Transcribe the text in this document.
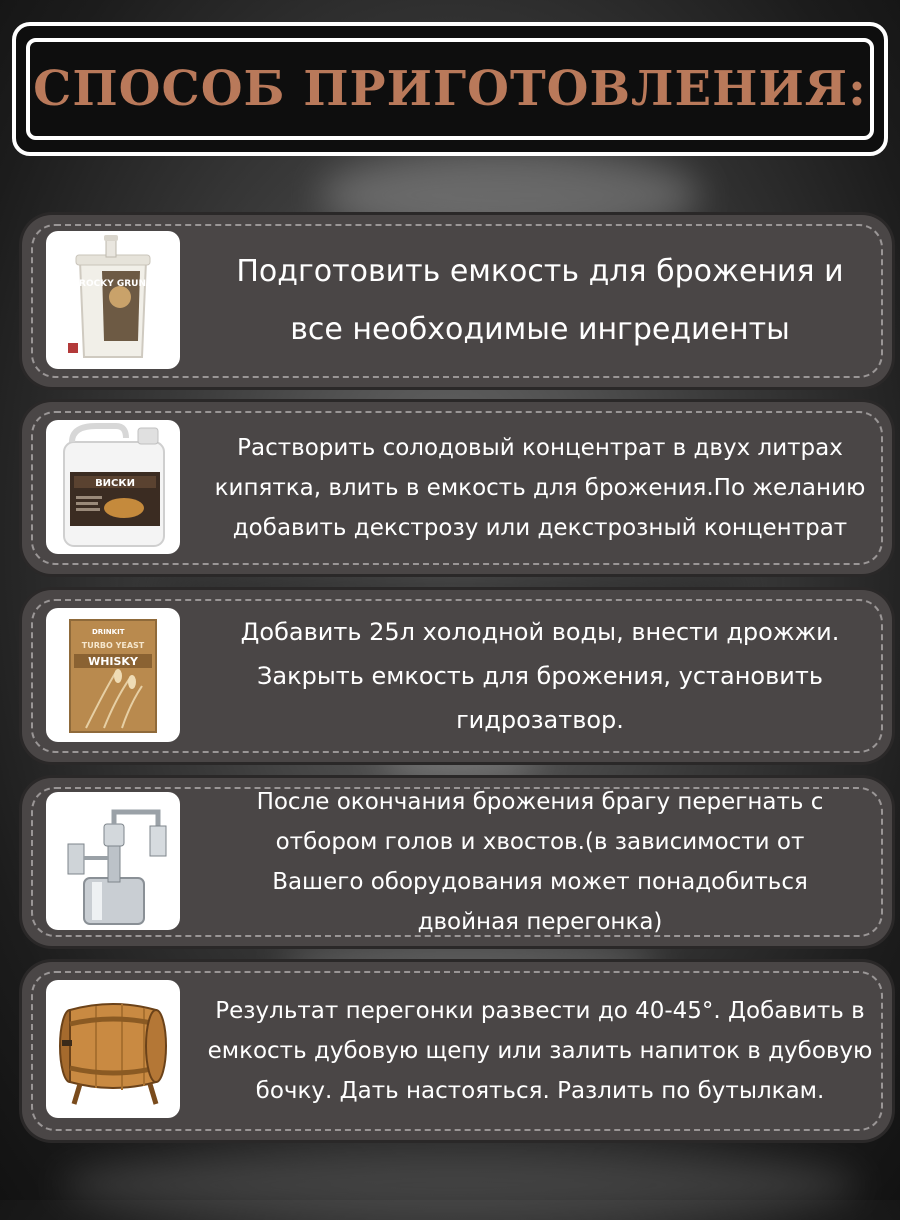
СПОСОБ ПРИГОТОВЛЕНИЯ:
ROCKY GRUNDIT	Подготовить емкость для брожения и все необходимые ингредиенты
ВИСКИ
Растворить солодовый концентрат в двух литрах кипятка, влить в емкость для брожения.По желанию добавить декстрозу или декстрозный концентрат
DRINKIT
TURBO YEAST
WHISKY
Добавить 25л холодной воды, внести дрожжи. Закрыть емкость для брожения, установить гидрозатвор.
После окончания брожения брагу перегнать с отбором голов и хвостов.(в зависимости от Вашего оборудования может понадобиться двойная перегонка)
Результат перегонки развести до 40-45°. Добавить в емкость дубовую щепу или залить напиток в дубовую бочку. Дать настояться. Разлить по бутылкам.
